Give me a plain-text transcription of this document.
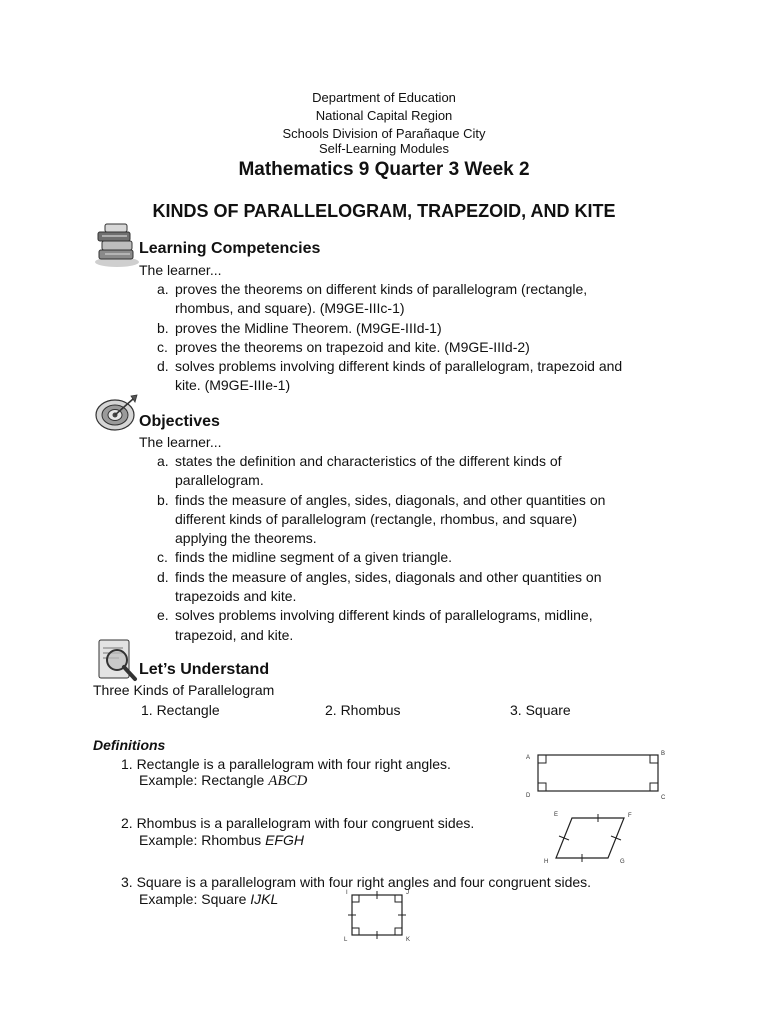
Department of Education
National Capital Region
Schools Division of Parañaque City
Self-Learning Modules
Mathematics 9 Quarter 3 Week 2
KINDS OF PARALLELOGRAM, TRAPEZOID, AND KITE
Learning Competencies
The learner...
a. proves the theorems on different kinds of parallelogram (rectangle,
rhombus, and square). (M9GE-IIIc-1)
b. proves the Midline Theorem. (M9GE-IIId-1)
c. proves the theorems on trapezoid and kite. (M9GE-IIId-2)
d. solves problems involving different kinds of parallelogram, trapezoid and
kite. (M9GE-IIIe-1)
Objectives
The learner...
a. states the definition and characteristics of the different kinds of
parallelogram.
b. finds the measure of angles, sides, diagonals, and other quantities on
different kinds of parallelogram (rectangle, rhombus, and square)
applying the theorems.
c. finds the midline segment of a given triangle.
d. finds the measure of angles, sides, diagonals and other quantities on
trapezoids and kite.
e. solves problems involving different kinds of parallelograms, midline,
trapezoid, and kite.
Let’s Understand
Three Kinds of Parallelogram
1. Rectangle	2. Rhombus	3. Square
Definitions
1. Rectangle is a parallelogram with four right angles.
Example: Rectangle ABCD
2. Rhombus is a parallelogram with four congruent sides.
Example: Rhombus EFGH
3. Square is a parallelogram with four right angles and four congruent sides.
Example: Square IJKL
A
B
C
D
E	F
G
H
I	J
K
L
